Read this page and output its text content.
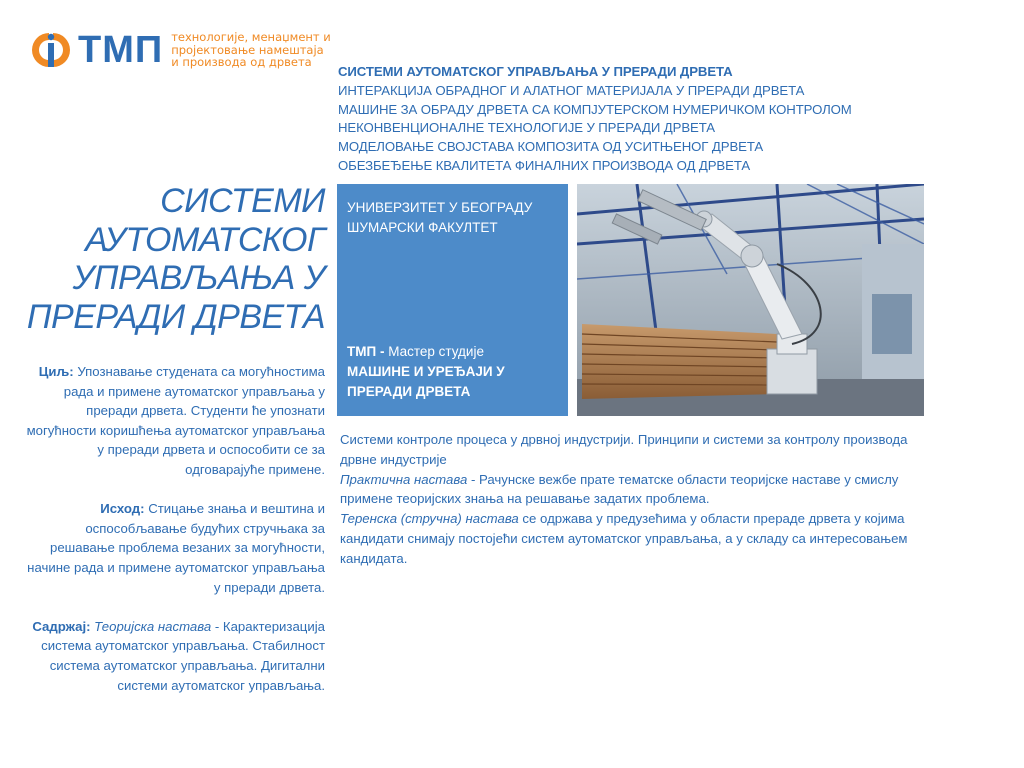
ТМП технологије, менаџмент и
пројектовање намештаја
и производа од дрвета
СИСТЕМИ АУТОМАТСКОГ УПРАВЉАЊА У ПРЕРАДИ ДРВЕТА
ИНТЕРАКЦИЈА ОБРАДНОГ И АЛАТНОГ МАТЕРИЈАЛА У ПРЕРАДИ ДРВЕТА
МАШИНЕ ЗА ОБРАДУ ДРВЕТА СА КОМПЈУТЕРСКОМ НУМЕРИЧКОМ КОНТРОЛОМ
НЕКОНВЕНЦИОНАЛНЕ ТЕХНОЛОГИЈЕ У ПРЕРАДИ ДРВЕТА
МОДЕЛОВАЊЕ СВОЈСТАВА КОМПОЗИТА ОД УСИТЊЕНОГ ДРВЕТА
ОБЕЗБЕЂЕЊЕ КВАЛИТЕТА ФИНАЛНИХ ПРОИЗВОДА ОД ДРВЕТА
СИСТЕМИ
АУТОМАТСКОГ
УПРАВЉАЊА У
ПРЕРАДИ ДРВЕТА

Циљ: Упознавање студената са могућностима рада и примене аутоматског управљања у преради дрвета. Студенти ће упознати могућности коришћења аутоматског управљања у преради дрвета и оспособити се за одговарајуће примене.

Исход: Стицање знања и вештина и оспособљавање будућих стручњака за решавање проблема везаних за могућности, начине рада и примене аутоматског управљања у преради дрвета.

Садржај: Теоријска настава - Карактеризација система аутоматског управљања. Стабилност система аутоматског управљања. Дигитални системи аутоматског управљања.

УНИВЕРЗИТЕТ У БЕОГРАДУ
ШУМАРСКИ ФАКУЛТЕТ
ТМП - Мастер студије
МАШИНЕ И УРЕЂАЈИ У ПРЕРАДИ ДРВЕТА

Системи контроле процеса у дрвној индустрији. Принципи и системи за контролу производа дрвне индустрије

Практична настава - Рачунске вежбе прате тематске области теоријске наставе у смислу примене теоријских знања на решавање задатих проблема.

Теренска (стручна) настава се одржава у предузећима у области прераде дрвета у којима кандидати снимају постојећи систем аутоматског управљања, а у складу са интересовањем кандидата.
